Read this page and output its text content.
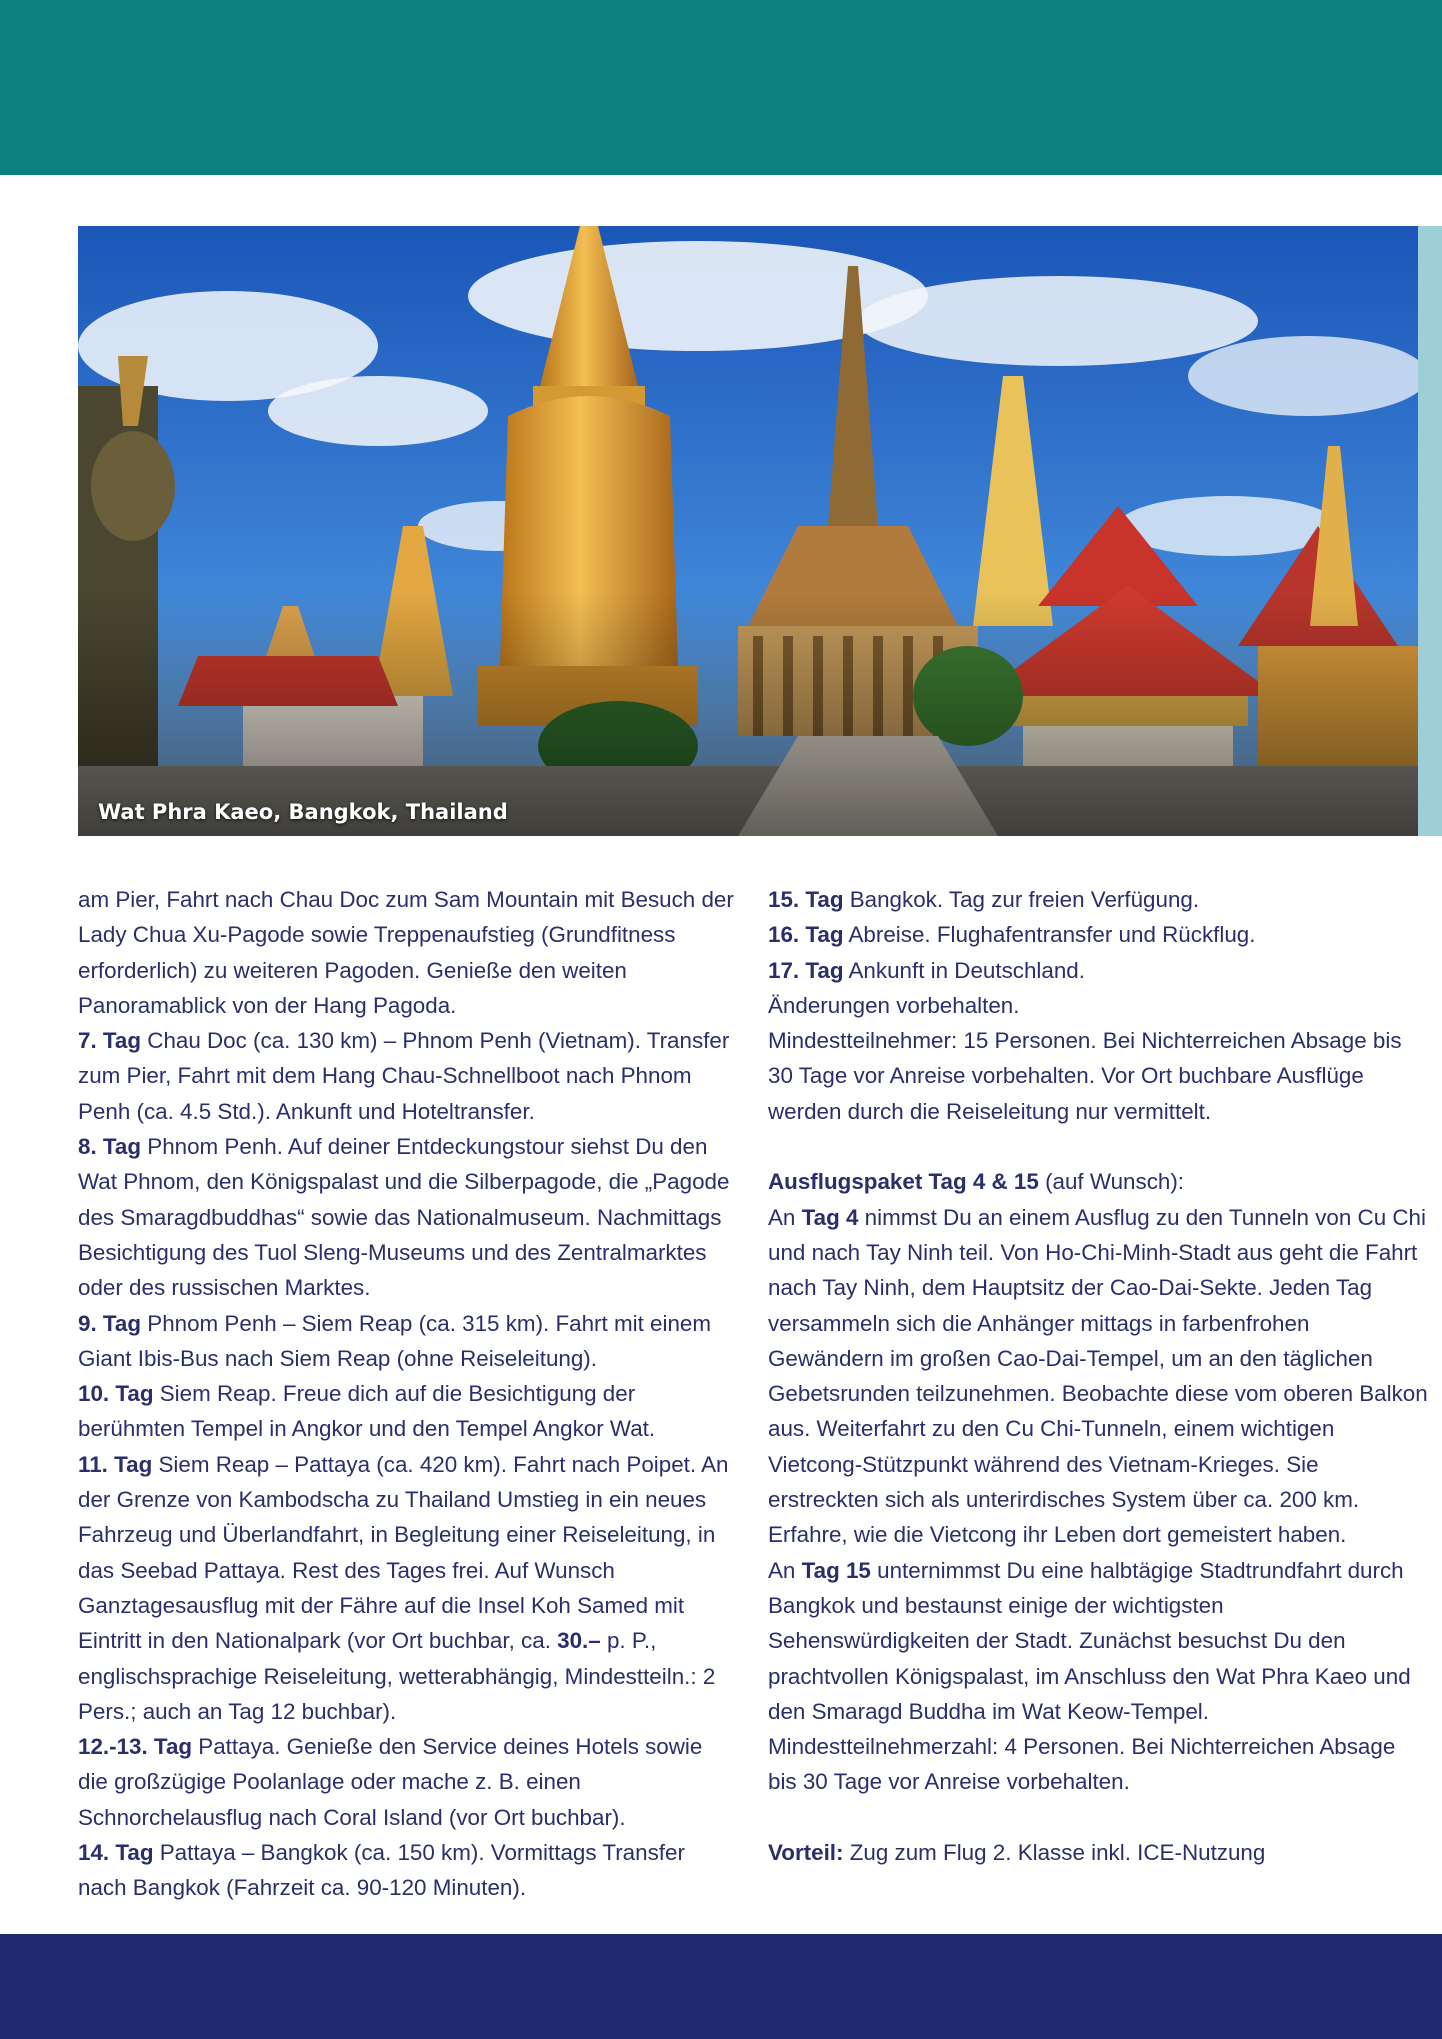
Wat Phra Kaeo, Bangkok, Thailand

am Pier, Fahrt nach Chau Doc zum Sam Mountain mit Besuch der Lady Chua Xu-Pagode sowie Treppenaufstieg (Grundfitness erforderlich) zu weiteren Pagoden. Genieße den weiten Panoramablick von der Hang Pagoda.

7. Tag Chau Doc (ca. 130 km) – Phnom Penh (Vietnam). Transfer zum Pier, Fahrt mit dem Hang Chau-Schnellboot nach Phnom Penh (ca. 4.5 Std.). Ankunft und Hoteltransfer.

8. Tag Phnom Penh. Auf deiner Entdeckungstour siehst Du den Wat Phnom, den Königspalast und die Silberpagode, die „Pagode des Smaragdbuddhas“ sowie das Nationalmuseum. Nachmittags Besichtigung des Tuol Sleng-Museums und des Zentralmarktes oder des russischen Marktes.

9. Tag Phnom Penh – Siem Reap (ca. 315 km). Fahrt mit einem Giant Ibis-Bus nach Siem Reap (ohne Reiseleitung).

10. Tag Siem Reap. Freue dich auf die Besichtigung der berühmten Tempel in Angkor und den Tempel Angkor Wat.

11. Tag Siem Reap – Pattaya (ca. 420 km). Fahrt nach Poipet. An der Grenze von Kambodscha zu Thailand Umstieg in ein neues Fahrzeug und Überlandfahrt, in Begleitung einer Reiseleitung, in das Seebad Pattaya. Rest des Tages frei. Auf Wunsch Ganztagesausflug mit der Fähre auf die Insel Koh Samed mit Eintritt in den Nationalpark (vor Ort buchbar, ca. 30.– p. P., englischsprachige Reiseleitung, wetterabhängig, Mindestteiln.: 2 Pers.; auch an Tag 12 buchbar).

12.-13. Tag Pattaya. Genieße den Service deines Hotels sowie die großzügige Poolanlage oder mache z. B. einen Schnorchelausflug nach Coral Island (vor Ort buchbar).

14. Tag Pattaya – Bangkok (ca. 150 km). Vormittags Transfer nach Bangkok (Fahrzeit ca. 90-120 Minuten).

15. Tag Bangkok. Tag zur freien Verfügung.

16. Tag Abreise. Flughafentransfer und Rückflug.

17. Tag Ankunft in Deutschland.

Änderungen vorbehalten.

Mindestteilnehmer: 15 Personen. Bei Nichterreichen Absage bis 30 Tage vor Anreise vorbehalten. Vor Ort buchbare Ausflüge werden durch die Reiseleitung nur vermittelt.

Ausflugspaket Tag 4 & 15 (auf Wunsch):

An Tag 4 nimmst Du an einem Ausflug zu den Tunneln von Cu Chi und nach Tay Ninh teil. Von Ho-Chi-Minh-Stadt aus geht die Fahrt nach Tay Ninh, dem Hauptsitz der Cao-Dai-Sekte. Jeden Tag versammeln sich die Anhänger mittags in farbenfrohen Gewändern im großen Cao-Dai-Tempel, um an den täglichen Gebetsrunden teilzunehmen. Beobachte diese vom oberen Balkon aus. Weiterfahrt zu den Cu Chi-Tunneln, einem wichtigen Vietcong-Stützpunkt während des Vietnam-Krieges. Sie erstreckten sich als unterirdisches System über ca. 200 km. Erfahre, wie die Vietcong ihr Leben dort gemeistert haben.

An Tag 15 unternimmst Du eine halbtägige Stadtrundfahrt durch Bangkok und bestaunst einige der wichtigsten Sehenswürdigkeiten der Stadt. Zunächst besuchst Du den prachtvollen Königspalast, im Anschluss den Wat Phra Kaeo und den Smaragd Buddha im Wat Keow-Tempel.

Mindestteilnehmerzahl: 4 Personen. Bei Nichterreichen Absage bis 30 Tage vor Anreise vorbehalten.

Vorteil: Zug zum Flug 2. Klasse inkl. ICE-Nutzung
